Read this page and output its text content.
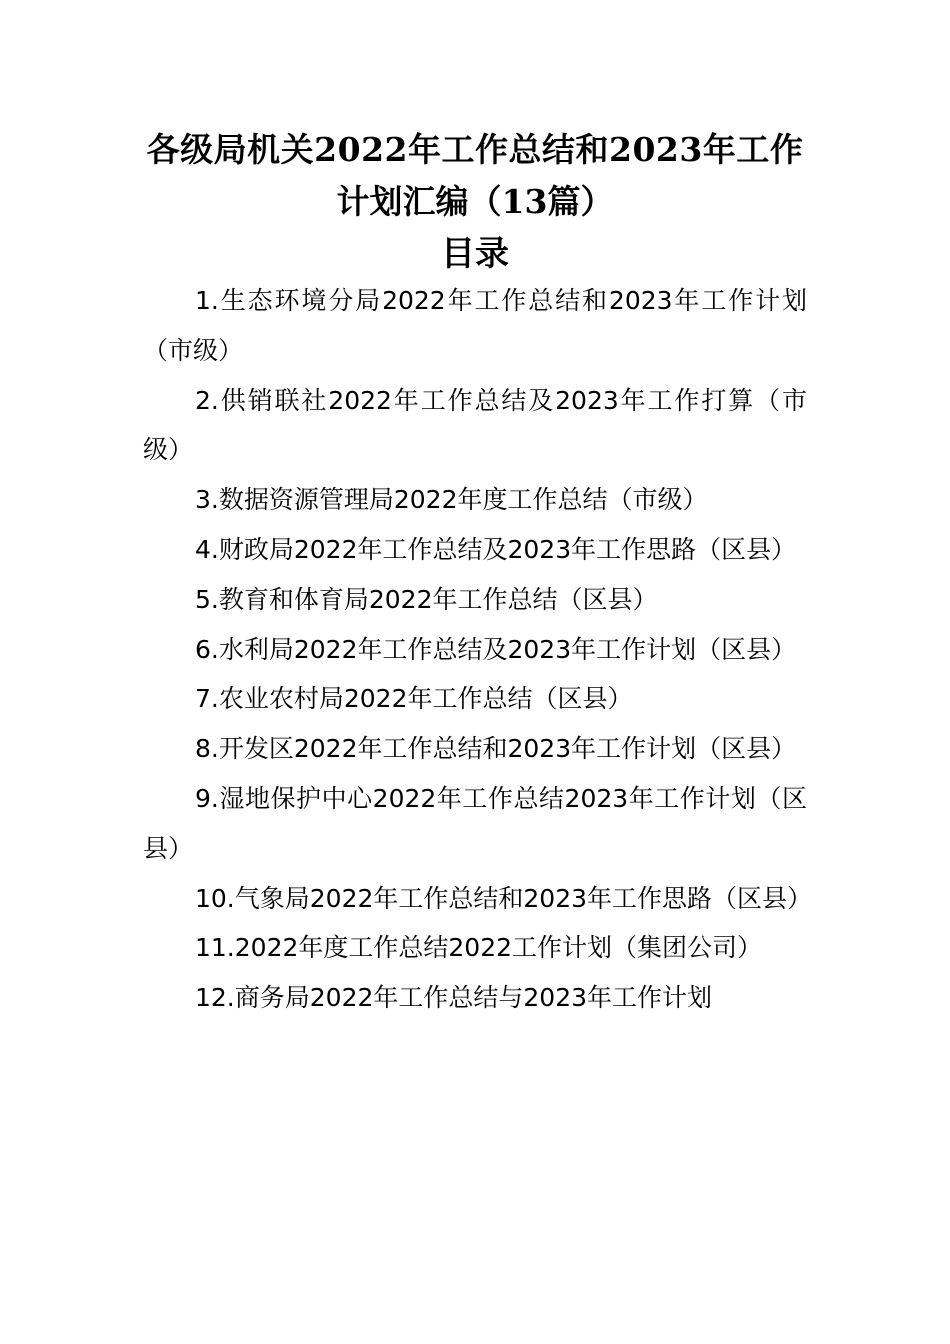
各级局机关2022年工作总结和2023年工作
计划汇编（13篇）
目录

1.生态环境分局2022年工作总结和2023年工作计划（市级）

2.供销联社2022年工作总结及2023年工作打算（市级）

3.数据资源管理局2022年度工作总结（市级）

4.财政局2022年工作总结及2023年工作思路（区县）

5.教育和体育局2022年工作总结（区县）

6.水利局2022年工作总结及2023年工作计划（区县）

7.农业农村局2022年工作总结（区县）

8.开发区2022年工作总结和2023年工作计划（区县）

9.湿地保护中心2022年工作总结2023年工作计划（区县）

10.气象局2022年工作总结和2023年工作思路（区县）

11.2022年度工作总结2022工作计划（集团公司）

12.商务局2022年工作总结与2023年工作计划
